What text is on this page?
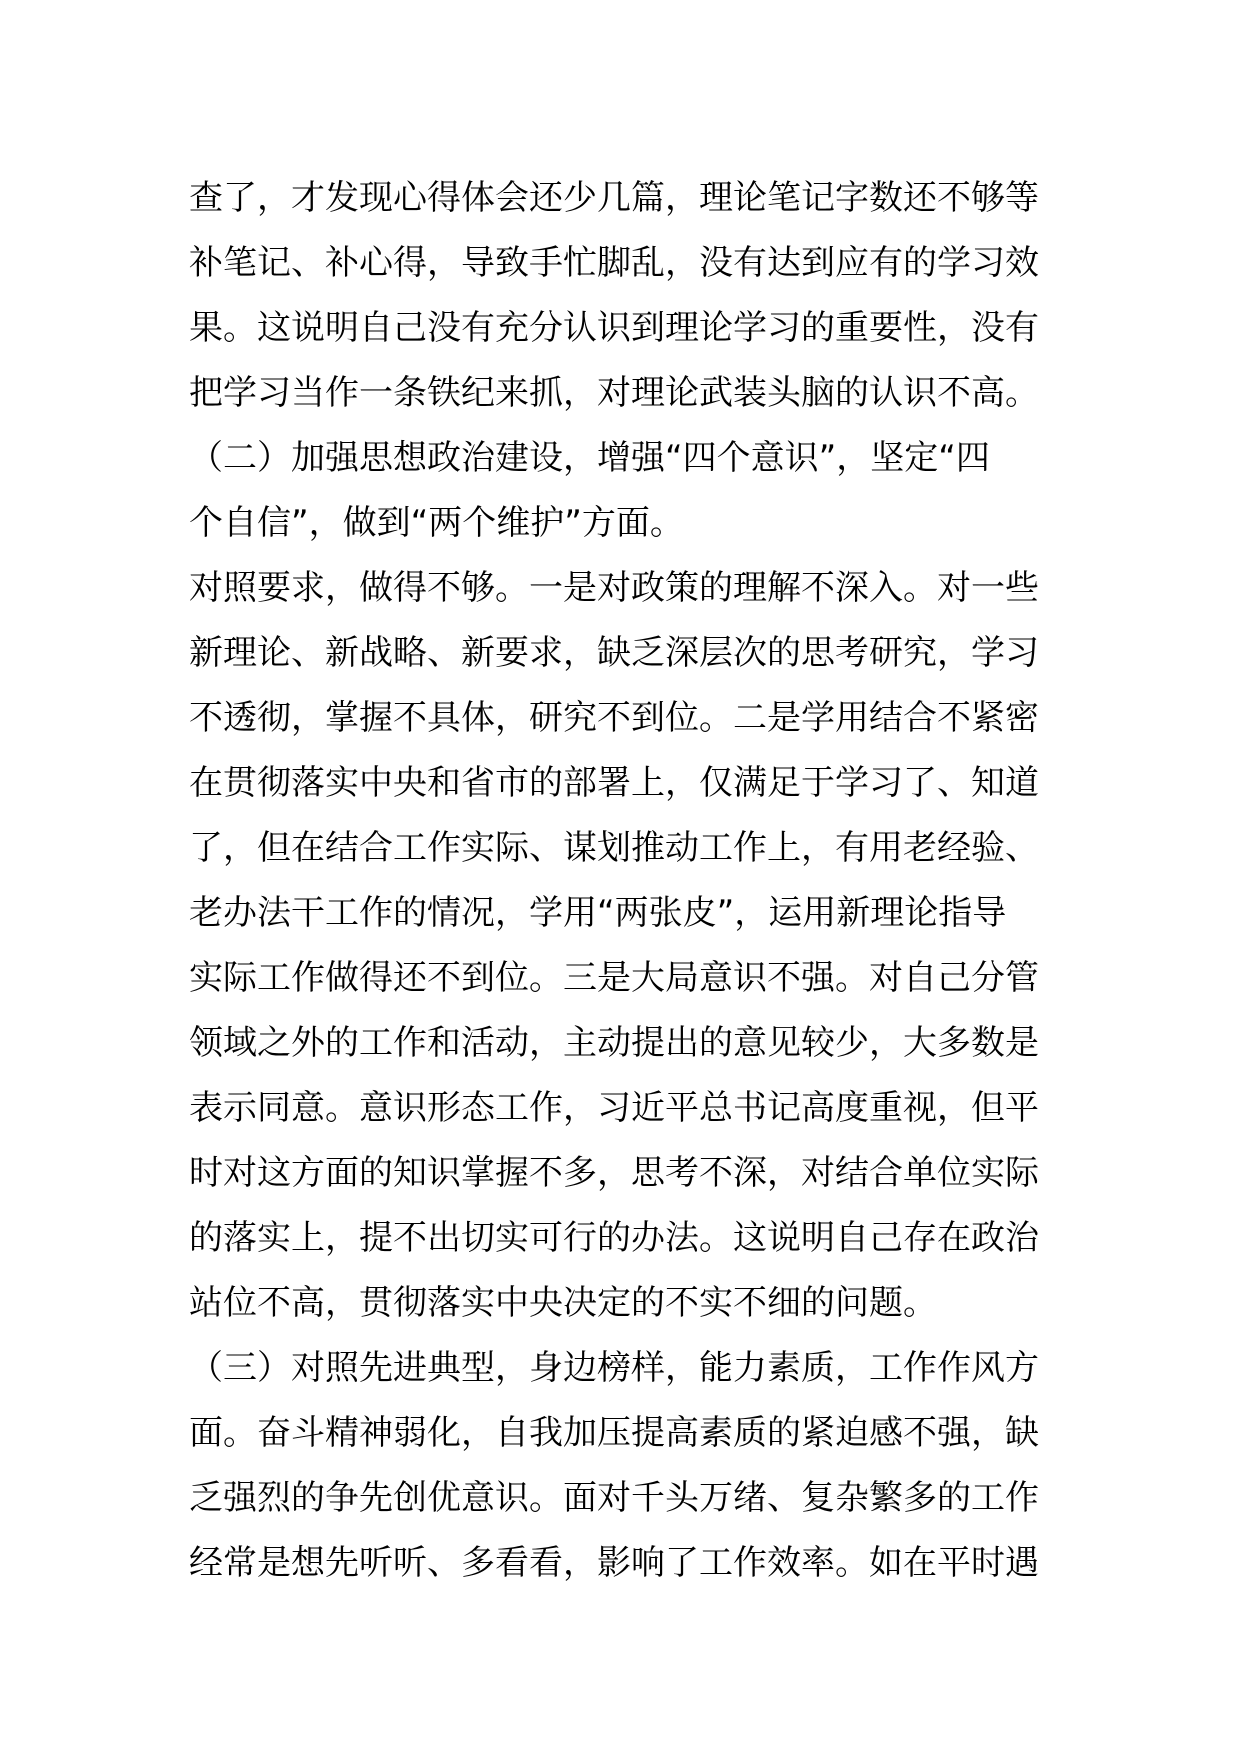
查了，才发现心得体会还少几篇，理论笔记字数还不够等
补笔记、补心得，导致手忙脚乱，没有达到应有的学习效
果。这说明自己没有充分认识到理论学习的重要性，没有
把学习当作一条铁纪来抓，对理论武装头脑的认识不高。
（二）加强思想政治建设，增强“四个意识”，坚定“四
个自信”，做到“两个维护”方面。
对照要求，做得不够。一是对政策的理解不深入。对一些
新理论、新战略、新要求，缺乏深层次的思考研究，学习
不透彻，掌握不具体，研究不到位。二是学用结合不紧密
在贯彻落实中央和省市的部署上，仅满足于学习了、知道
了，但在结合工作实际、谋划推动工作上，有用老经验、
老办法干工作的情况，学用“两张皮”，运用新理论指导
实际工作做得还不到位。三是大局意识不强。对自己分管
领域之外的工作和活动，主动提出的意见较少，大多数是
表示同意。意识形态工作，习近平总书记高度重视，但平
时对这方面的知识掌握不多，思考不深，对结合单位实际
的落实上，提不出切实可行的办法。这说明自己存在政治
站位不高，贯彻落实中央决定的不实不细的问题。
（三）对照先进典型，身边榜样，能力素质，工作作风方
面。奋斗精神弱化，自我加压提高素质的紧迫感不强，缺
乏强烈的争先创优意识。面对千头万绪、复杂繁多的工作
经常是想先听听、多看看，影响了工作效率。如在平时遇
